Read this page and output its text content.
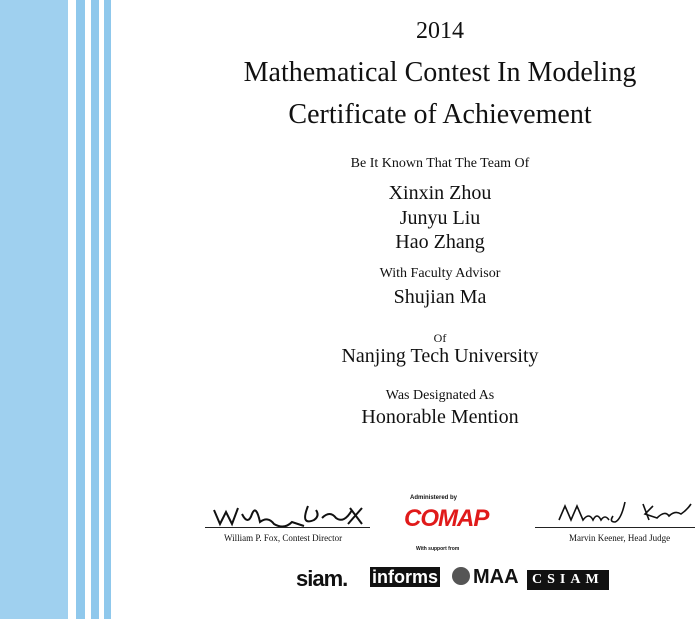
2014
Mathematical Contest In Modeling
Certificate of Achievement
Be It Known That The Team Of
Xinxin Zhou
Junyu Liu
Hao Zhang
With Faculty Advisor
Shujian Ma
Of
Nanjing Tech University
Was Designated As
Honorable Mention
William P. Fox, Contest Director	Marvin Keener, Head Judge
Administered by
COMAP
With support from
siam. informs	MAA CSIAM
